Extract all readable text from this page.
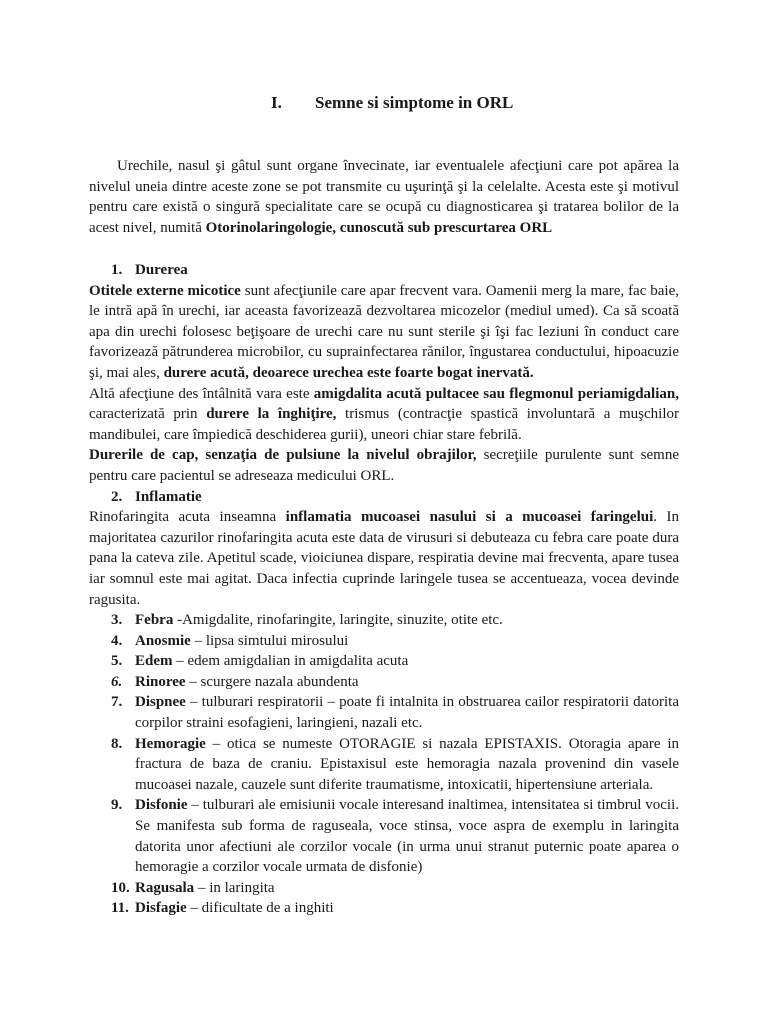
I. Semne si simptome in ORL

Urechile, nasul şi gâtul sunt organe învecinate, iar eventualele afecţiuni care pot apărea la nivelul uneia dintre aceste zone se pot transmite cu uşurinţă şi la celelalte. Acesta este şi motivul pentru care există o singură specialitate care se ocupă cu diagnosticarea şi tratarea bolilor de la acest nivel, numită Otorinolaringologie, cunoscută sub prescurtarea ORL

1. Durerea

Otitele externe micotice sunt afecţiunile care apar frecvent vara. Oamenii merg la mare, fac baie, le intră apă în urechi, iar aceasta favorizează dezvoltarea micozelor (mediul umed). Ca să scoată apa din urechi folosesc beţişoare de urechi care nu sunt sterile şi îşi fac leziuni în conduct care favorizează pătrunderea microbilor, cu suprainfectarea rănilor, îngustarea conductului, hipoacuzie şi, mai ales, durere acută, deoarece urechea este foarte bogat inervată.

Altă afecţiune des întâlnită vara este amigdalita acută pultacee sau flegmonul periamigdalian, caracterizată prin durere la înghiţire, trismus (contracţie spastică involuntară a muşchilor mandibulei, care împiedică deschiderea gurii), uneori chiar stare febrilă.

Durerile de cap, senzaţia de pulsiune la nivelul obrajilor, secreţiile purulente sunt semne pentru care pacientul se adreseaza medicului ORL.

2. Inflamatie

Rinofaringita acuta inseamna inflamatia mucoasei nasului si a mucoasei faringelui. In majoritatea cazurilor rinofaringita acuta este data de virusuri si debuteaza cu febra care poate dura pana la cateva zile. Apetitul scade, vioiciunea dispare, respiratia devine mai frecventa, apare tusea iar somnul este mai agitat. Daca infectia cuprinde laringele tusea se accentueaza, vocea devinde ragusita.

3. Febra -Amigdalite, rinofaringite, laringite, sinuzite, otite etc.

4. Anosmie – lipsa simtului mirosului

5. Edem – edem amigdalian in amigdalita acuta

6. Rinoree – scurgere nazala abundenta

7. Dispnee – tulburari respiratorii – poate fi intalnita in obstruarea cailor respiratorii datorita corpilor straini esofagieni, laringieni, nazali etc.

8. Hemoragie – otica se numeste OTORAGIE si nazala EPISTAXIS. Otoragia apare in fractura de baza de craniu. Epistaxisul este hemoragia nazala provenind din vasele mucoasei nazale, cauzele sunt diferite traumatisme, intoxicatii, hipertensiune arteriala.

9. Disfonie – tulburari ale emisiunii vocale interesand inaltimea, intensitatea si timbrul vocii. Se manifesta sub forma de raguseala, voce stinsa, voce aspra de exemplu in laringita datorita unor afectiuni ale corzilor vocale (in urma unui stranut puternic poate aparea o hemoragie a corzilor vocale urmata de disfonie)

10. Ragusala – in laringita

11. Disfagie – dificultate de a inghiti
